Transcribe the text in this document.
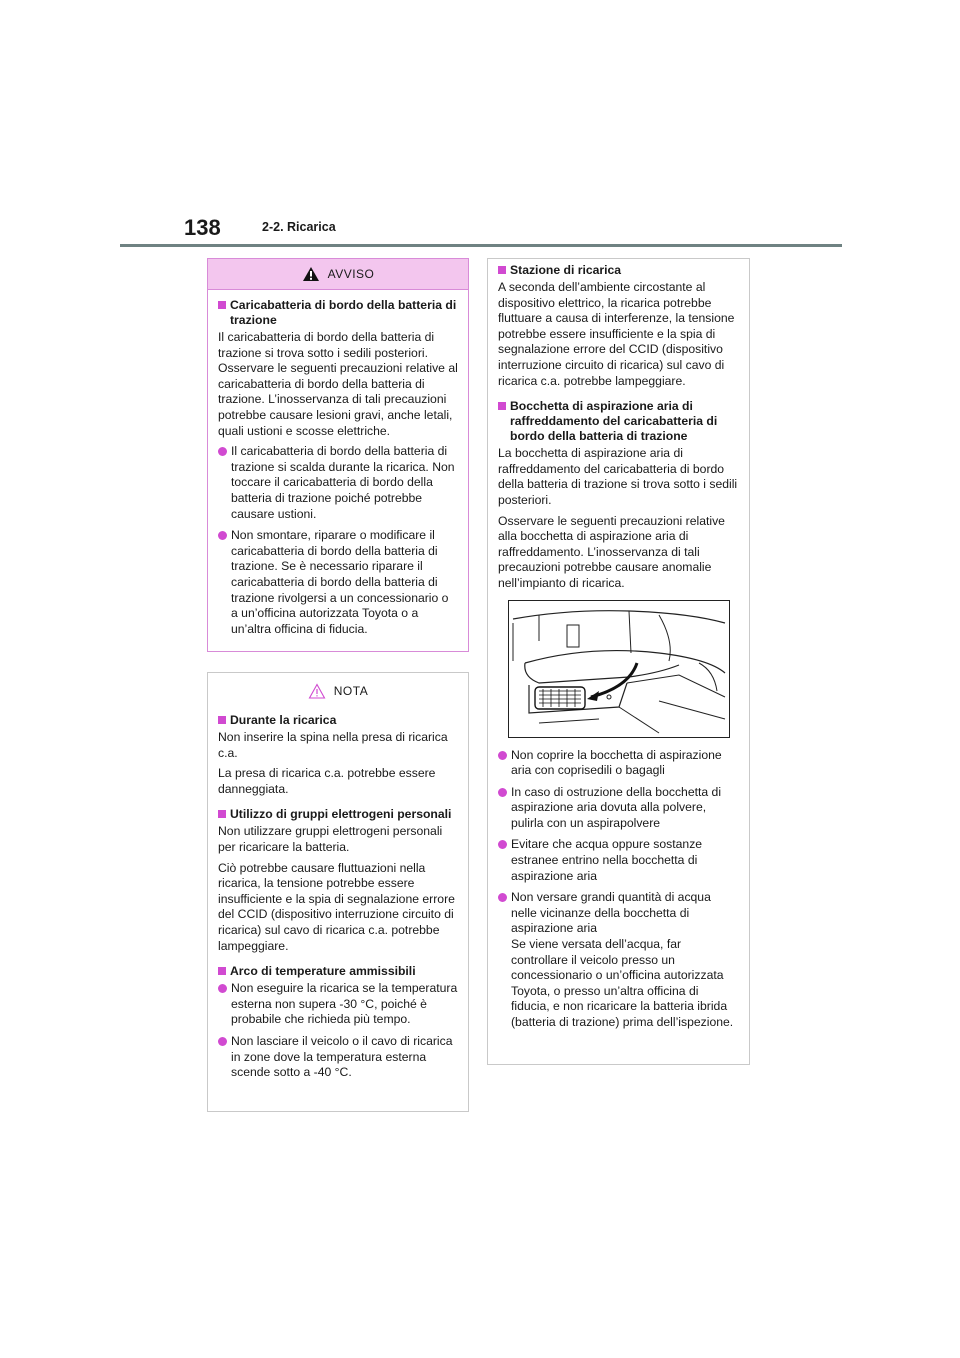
138	2-2. Ricarica
AVVISO
Caricabatteria di bordo della batteria di trazione
Il caricabatteria di bordo della batteria di trazione si trova sotto i sedili posteriori. Osservare le seguenti precauzioni relative al caricabatteria di bordo della batteria di trazione. L’inosservanza di tali precauzioni potrebbe causare lesioni gravi, anche letali, quali ustioni e scosse elettriche.
Il caricabatteria di bordo della batteria di trazione si scalda durante la ricarica. Non toccare il caricabatteria di bordo della batteria di trazione poiché potrebbe causare ustioni.
Non smontare, riparare o modificare il caricabatteria di bordo della batteria di trazione. Se è necessario riparare il caricabatteria di bordo della batteria di trazione rivolgersi a un concessionario o a un’officina autorizzata Toyota o a un’altra officina di fiducia.
NOTA
Durante la ricarica
Non inserire la spina nella presa di ricarica c.a.
La presa di ricarica c.a. potrebbe essere danneggiata.
Utilizzo di gruppi elettrogeni personali
Non utilizzare gruppi elettrogeni personali per ricaricare la batteria.
Ciò potrebbe causare fluttuazioni nella ricarica, la tensione potrebbe essere insufficiente e la spia di segnalazione errore del CCID (dispositivo interruzione circuito di ricarica) sul cavo di ricarica c.a. potrebbe lampeggiare.
Arco di temperature ammissibili
Non eseguire la ricarica se la temperatura esterna non supera -30 °C, poiché è probabile che richieda più tempo.
Non lasciare il veicolo o il cavo di ricarica in zone dove la temperatura esterna scende sotto a -40 °C.
Stazione di ricarica
A seconda dell’ambiente circostante al dispositivo elettrico, la ricarica potrebbe fluttuare a causa di interferenze, la tensione potrebbe essere insufficiente e la spia di segnalazione errore del CCID (dispositivo interruzione circuito di ricarica) sul cavo di ricarica c.a. potrebbe lampeggiare.
Bocchetta di aspirazione aria di raffreddamento del caricabatteria di bordo della batteria di trazione
La bocchetta di aspirazione aria di raffreddamento del caricabatteria di bordo della batteria di trazione si trova sotto i sedili posteriori.
Osservare le seguenti precauzioni relative alla bocchetta di aspirazione aria di raffreddamento. L’inosservanza di tali precauzioni potrebbe causare anomalie nell’impianto di ricarica.
Non coprire la bocchetta di aspirazione aria con coprisedili o bagagli
In caso di ostruzione della bocchetta di aspirazione aria dovuta alla polvere, pulirla con un aspirapolvere
Evitare che acqua oppure sostanze estranee entrino nella bocchetta di aspirazione aria
Non versare grandi quantità di acqua nelle vicinanze della bocchetta di aspirazione aria
Se viene versata dell’acqua, far controllare il veicolo presso un concessionario o un’officina autorizzata Toyota, o presso un’altra officina di fiducia, e non ricaricare la batteria ibrida (batteria di trazione) prima dell’ispezione.
